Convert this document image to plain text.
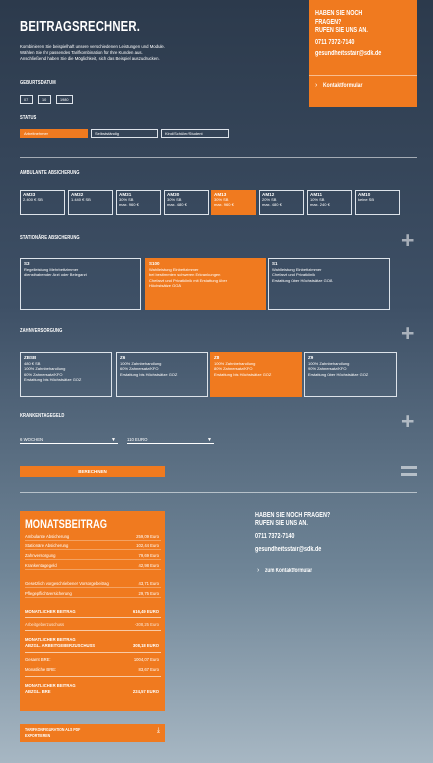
BEITRAGSRECHNER.
Kombinieren Sie beispielhaft unsere verschiedenen Leistungen und Module.
Wählen Sie Ihr passendes Tarifkombination für Ihre Kunden aus.
Anschließend haben Sie die Möglichkeit, sich das Beispiel auszudrucken.
HABEN SIE NOCH
FRAGEN?
RUFEN SIE UNS AN.
0711 7372-7140
gesundheitsstair@sdk.de
› Kontaktformular
GEBURTSDATUM
07	10	1980
STATUS
Arbeitnehmer	Selbstständig	Kind/Schüler/Student
AMBULANTE ABSICHERUNG
AM33
2.400 € SB
AM32
1.440 € SB
AM31
30% SB
max. 960 €
AM30
30% SB
max. 480 €
AM13
30% SB
max. 960 €
AM12
20% SB
max. 480 €
AM11
10% SB
max. 240 €
AM10
keine SB
+
STATIONÄRE ABSICHERUNG
S3
Regelleistung Mehrbettzimmer
diensthabender Arzt oder Belegarzt
S100
Wahlleistung Einbettzimmer
bei bestimmten schweren Erkrankungen
Chefarzt und Privatklinik mit Erstattung über
Höchstsätze GOÄ
S1
Wahlleistung Einbettzimmer
Chefarzt und Privatklinik
Erstattung über Höchstsätze GOÄ
+
ZAHNVERSORGUNG
ZBSB
480 € SB
100% Zahnbehandlung
60% Zahnersatz/KFO
Erstattung bis Höchstsätze GOZ
Z6
100% Zahnbehandlung
60% Zahnersatz/KFO
Erstattung bis Höchstsätze GOZ
Z8
100% Zahnbehandlung
80% Zahnersatz/KFO
Erstattung bis Höchstsätze GOZ
Z9
100% Zahnbehandlung
90% Zahnersatz/KFO
Erstattung über Höchstsätze GOZ
+
KRANKENTAGEGELD
6 WOCHEN	▼	110 EURO	▼
BERECHNEN
MONATSBEITRAG
Ambulante Absicherung	259,09 Euro
Stationäre Absicherung	102,44 Euro
Zahnversorgung	79,69 Euro
Krankentagegeld	42,98 Euro
Gesetzlich vorgeschriebener Vorsorgebeitrag	43,71 Euro
Pflegepflichtversicherung	29,75 Euro
MONATLICHER BEITRAG	616,49 EURO
Arbeitgeberzuschuss	-308,25 Euro
MONATLICHER BEITRAG
ABZGL. ARBEITGEBERZUSCHUSS	308,18 EURO
Gesamt BRE:	1004,07 Euro
Monatliche BRE:	83,67 Euro
MONATLICHER BEITRAG
ABZGL. BRE	224,57 EURO
TARIFKONFIGURATION ALS PDF
EXPORTIEREN
⤓
HABEN SIE NOCH FRAGEN?
RUFEN SIE UNS AN.
0711 7372-7140
gesundheitsstair@sdk.de
› zum Kontaktformular
